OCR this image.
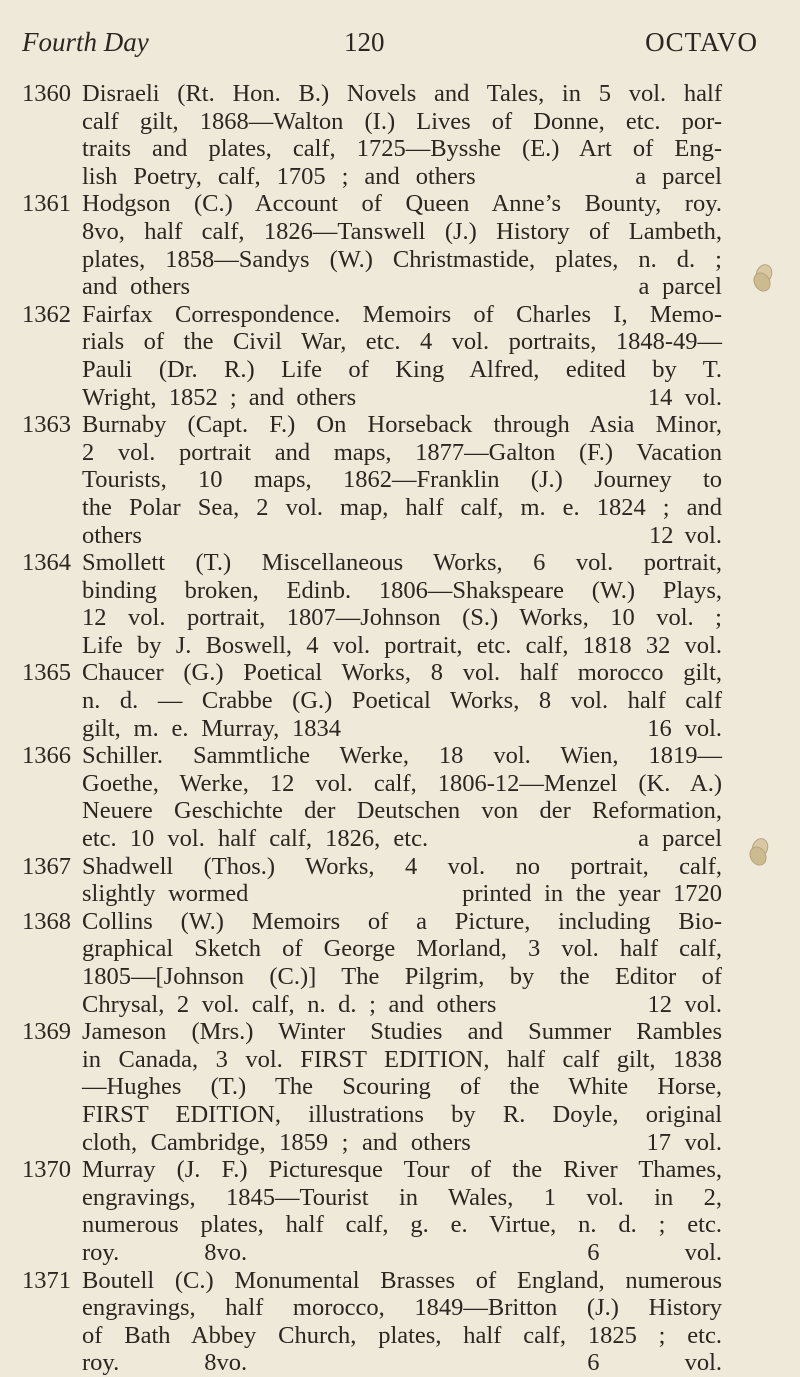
Fourth Day	120	OCTAVO
1360 Disraeli (Rt. Hon. B.) Novels and Tales, in 5 vol. half
calf gilt, 1868—Walton (I.) Lives of Donne, etc. por-
traits and plates, calf, 1725—Bysshe (E.) Art of Eng-
lish Poetry, calf, 1705 ; and others          a parcel
1361 Hodgson (C.) Account of Queen Anne’s Bounty, roy.
8vo, half calf, 1826—Tanswell (J.) History of Lambeth,
plates, 1858—Sandys (W.) Christmastide, plates, n. d. ;
and others                                   a parcel
1362 Fairfax Correspondence. Memoirs of Charles I, Memo-
rials of the Civil War, etc. 4 vol. portraits, 1848-49—
Pauli (Dr. R.) Life of King Alfred, edited by T.
Wright, 1852 ; and others                        14 vol.
1363 Burnaby (Capt. F.) On Horseback through Asia Minor,
2 vol. portrait and maps, 1877—Galton (F.) Vacation
Tourists, 10 maps, 1862—Franklin (J.) Journey to
the Polar Sea, 2 vol. map, half calf, m. e. 1824 ; and
others                                              12 vol.
1364 Smollett (T.) Miscellaneous Works, 6 vol. portrait,
binding broken, Edinb. 1806—Shakspeare (W.) Plays,
12 vol. portrait, 1807—Johnson (S.) Works, 10 vol. ;
Life by J. Boswell, 4 vol. portrait, etc. calf, 1818 32 vol.
1365 Chaucer (G.) Poetical Works, 8 vol. half morocco gilt,
n. d. — Crabbe (G.) Poetical Works, 8 vol. half calf
gilt, m. e. Murray, 1834                        16 vol.
1366 Schiller. Sammtliche Werke, 18 vol. Wien, 1819—
Goethe, Werke, 12 vol. calf, 1806-12—Menzel (K. A.)
Neuere Geschichte der Deutschen von der Reformation,
etc. 10 vol. half calf, 1826, etc.                a parcel
1367 Shadwell (Thos.) Works, 4 vol. no portrait, calf,
slightly wormed                 printed in the year 1720
1368 Collins (W.) Memoirs of a Picture, including Bio-
graphical Sketch of George Morland, 3 vol. half calf,
1805—[Johnson (C.)] The Pilgrim, by the Editor of
Chrysal, 2 vol. calf, n. d. ; and others            12 vol.
1369 Jameson (Mrs.) Winter Studies and Summer Rambles
in Canada, 3 vol. FIRST EDITION, half calf gilt, 1838
—Hughes (T.) The Scouring of the White Horse,
FIRST EDITION, illustrations by R. Doyle, original
cloth, Cambridge, 1859 ; and others             17 vol.
1370 Murray (J. F.) Picturesque Tour of the River Thames,
engravings, 1845—Tourist in Wales, 1 vol. in 2,
numerous plates, half calf, g. e. Virtue, n. d. ; etc.
roy. 8vo.    6 vol.
1371 Boutell (C.) Monumental Brasses of England, numerous
engravings, half morocco, 1849—Britton (J.) History
of Bath Abbey Church, plates, half calf, 1825 ; etc.
roy. 8vo.    6 vol.
